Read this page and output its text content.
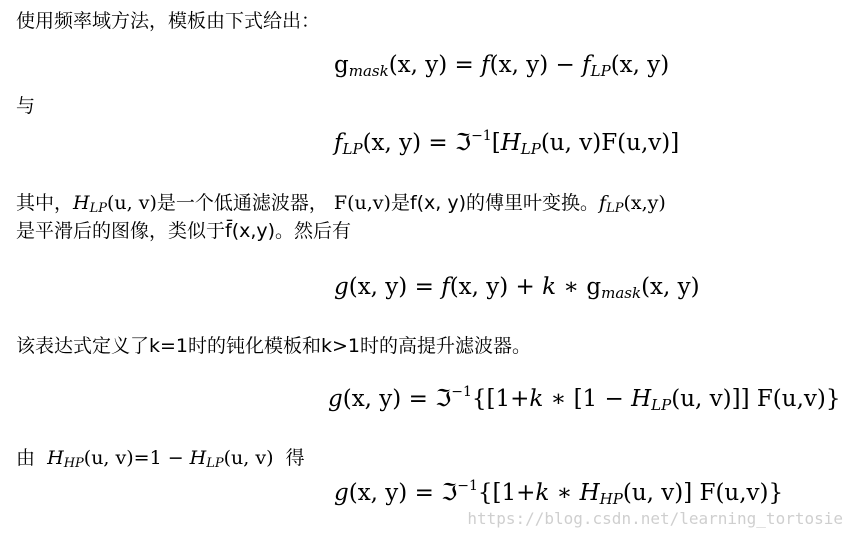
使用频率域方法，模板由下式给出：
$g_{mask}(x$, y) = f(x, $y) - f_{LP}(x$, y)
与
$f_{LP}(x$, $y) = ℑ^{-1}[H_{LP}(u$, v)F(u,v)]
其中，$H_{LP}(u$, v)是一个低通滤波器， F(u,v)是f(x, y)的傅里叶变换。$f_{LP}(x,y)$
是平滑后的图像，类似于f̄(x,y)。然后有
g(x, y) = f(x, y) + k ∗ $g_{mask}(x$, y)
该表达式定义了k=1时的钝化模板和k>1时的高提升滤波器。
g(x, y) = ℑ$^{-1}${[1+k ∗ [$1 - H_{LP}(u$, v)]] F(u,v)}
由 $H_{HP}(u$, $v)=1 - H_{LP}(u$, v) 得
g(x, y) = ℑ$^{-1}${[1+k ∗ $H_{HP}(u$, v)] F(u,v)}
https://blog.csdn.net/learning_tortosie
